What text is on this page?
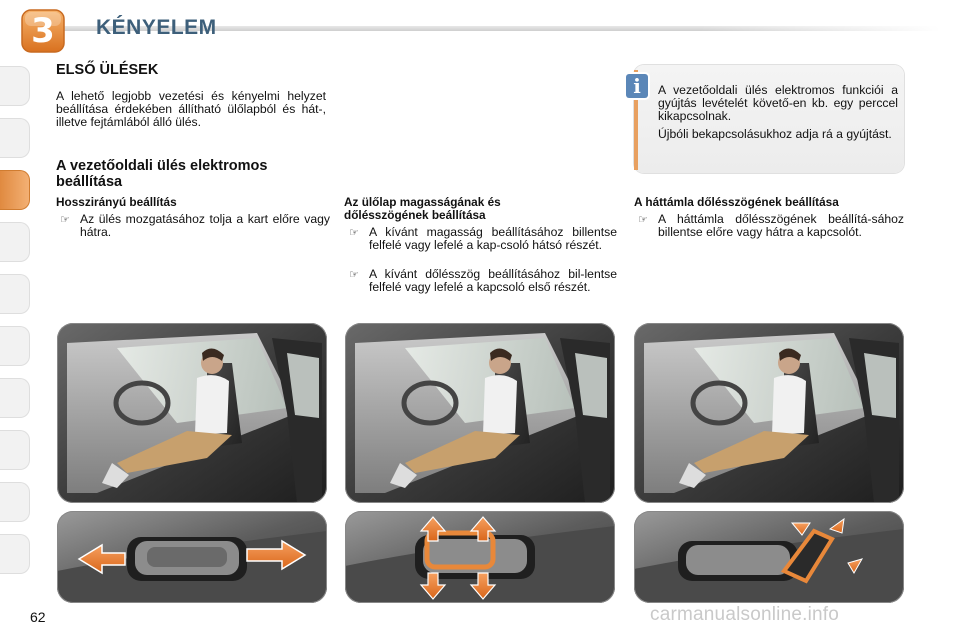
3	KÉNYELEM
ELSŐ ÜLÉSEK
A lehető legjobb vezetési és kényelmi helyzet beállítása érdekében állítható ülőlapból és hát-, illetve fejtámlából álló ülés.
i	A vezetőoldali ülés elektromos funkciói a gyújtás levételét követő-en kb. egy perccel kikapcsolnak.
Újbóli bekapcsolásukhoz adja rá a gyújtást.
A vezetőoldali ülés elektromos beállítása
Hosszirányú beállítás
☞ Az ülés mozgatásához tolja a kart előre vagy hátra.
Az ülőlap magasságának és dőlésszögének beállítása
☞ A kívánt magasság beállításához billentse felfelé vagy lefelé a kap-csoló hátsó részét.
☞ A kívánt dőlésszög beállításához bil-lentse felfelé vagy lefelé a kapcsoló első részét.
A háttámla dőlésszögének beállítása
☞ A háttámla dőlésszögének beállítá-sához billentse előre vagy hátra a kapcsolót.
62	carmanualsonline.info
